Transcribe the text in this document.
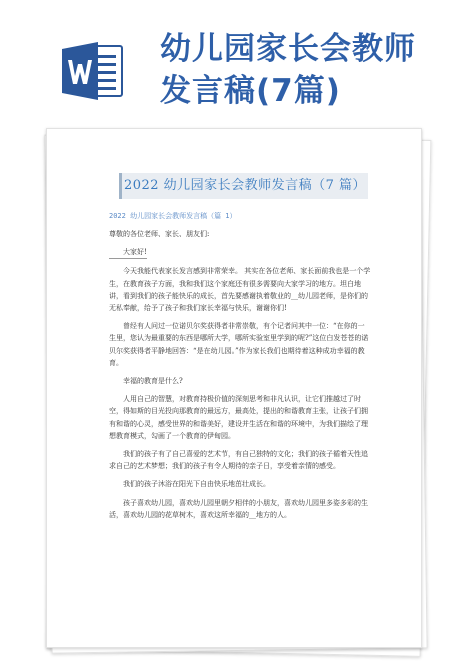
幼儿园家长会教师
发言稿(7篇)
2022 幼儿园家长会教师发言稿（7 篇）
2022 幼儿园家长会教师发言稿（篇 1）

尊敬的各位老师、家长、朋友们:

大家好!

今天我能代表家长发言感到非常荣幸。 其实在各位老师、家长面前我也是一个学生，在教育孩子方面，我和我们这个家庭还有很多需要向大家学习的地方。坦白地讲，看到我们的孩子能快乐的成长，首先要感谢执着敬业的__幼儿园老师，是你们的无私奉献，给予了孩子和我们家长幸福与快乐，谢谢你们!

曾经有人问过一位诺贝尔奖获得者非常崇敬，有个记者问其中一位：“在你的一生里，您认为最重要的东西是哪所大学，哪所实验室里学到的呢?”这位白发苍苍的诺贝尔奖获得者平静地回答：“是在幼儿园。”作为家长我们也期待着这种成功幸福的教育。

幸福的教育是什么?

人用自己的智慧，对教育持极价值的深刻思考和非凡认识，让它们推越过了时空，得如斯的目光投向那教育的最远方，最高处，提出的和谐教育主张，让孩子们拥有和谐的心灵，感受世界的和谐美好，建设并生活在和谐的环境中，为我们描绘了理想教育模式，勾画了一个教育的伊甸园。

我们的孩子有了自己喜爱的艺术节，有自己独特的文化；我们的孩子循着天性追求自己的艺术梦想；我们的孩子有令人期待的亲子日，享受着亲情的感受。

我们的孩子沐浴在阳光下自由快乐地茁壮成长。

孩子喜欢幼儿园，喜欢幼儿园里朝夕相伴的小朋友，喜欢幼儿园里多姿多彩的生活，喜欢幼儿园的花草树木，喜欢这所幸福的__地方的人。
